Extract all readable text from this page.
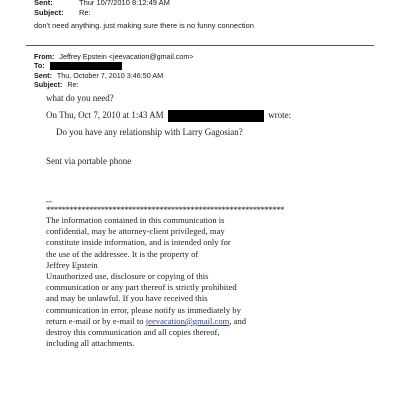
Sent:	Thur 10/7/2010 8:12:49 AM
Subject:	Re:
don't need anything. just making sure there is no funny connection
From: Jeffrey Epstein <jeevacation@gmail.com>
To:
Sent: Thu, October 7, 2010 3:46:50 AM
Subject: Re:
what do you need?
On Thu, Oct 7, 2010 at 1:43 AM	wrote:
Do you have any relationship with Larry Gagosian?
Sent via portable phone
--
*************************************************************
The information contained in this communication is
confidential, may be attorney-client privileged, may
constitute inside information, and is intended only for
the use of the addressee. It is the property of
Jeffrey Epstein
Unauthorized use, disclosure or copying of this
communication or any part thereof is strictly prohibited
and may be unlawful. If you have received this
communication in error, please notify us immediately by
return e-mail or by e-mail to jeevacation@gmail.com, and
destroy this communication and all copies thereof,
including all attachments.
